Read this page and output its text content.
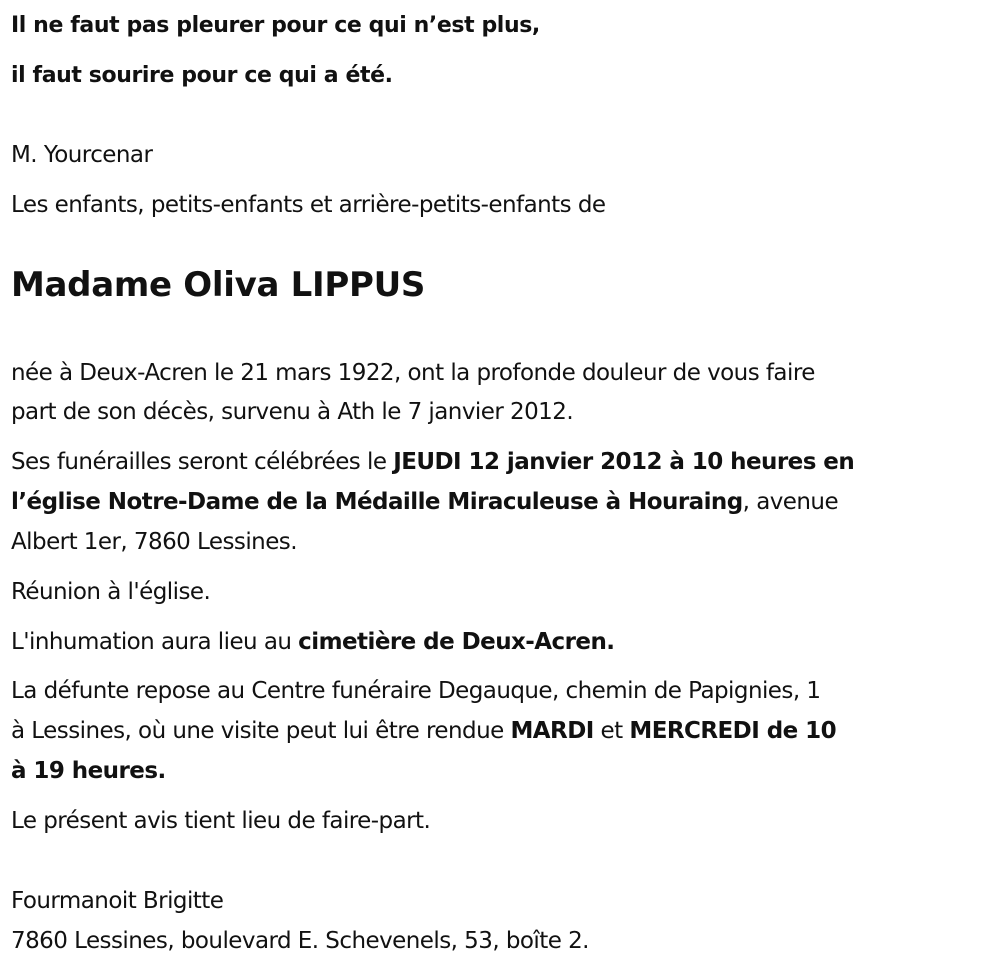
Il ne faut pas pleurer pour ce qui n’est plus,
il faut sourire pour ce qui a été.
M. Yourcenar
Les enfants, petits-enfants et arrière-petits-enfants de
Madame Oliva LIPPUS
née à Deux-Acren le 21 mars 1922, ont la profonde douleur de vous faire
part de son décès, survenu à Ath le 7 janvier 2012.
Ses funérailles seront célébrées le JEUDI 12 janvier 2012 à 10 heures en
l’église Notre-Dame de la Médaille Miraculeuse à Houraing, avenue
Albert 1er, 7860 Lessines.
Réunion à l'église.
L'inhumation aura lieu au cimetière de Deux-Acren.
La défunte repose au Centre funéraire Degauque, chemin de Papignies, 1
à Lessines, où une visite peut lui être rendue MARDI et MERCREDI de 10
à 19 heures.
Le présent avis tient lieu de faire-part.
Fourmanoit Brigitte
7860 Lessines, boulevard E. Schevenels, 53, boîte 2.
